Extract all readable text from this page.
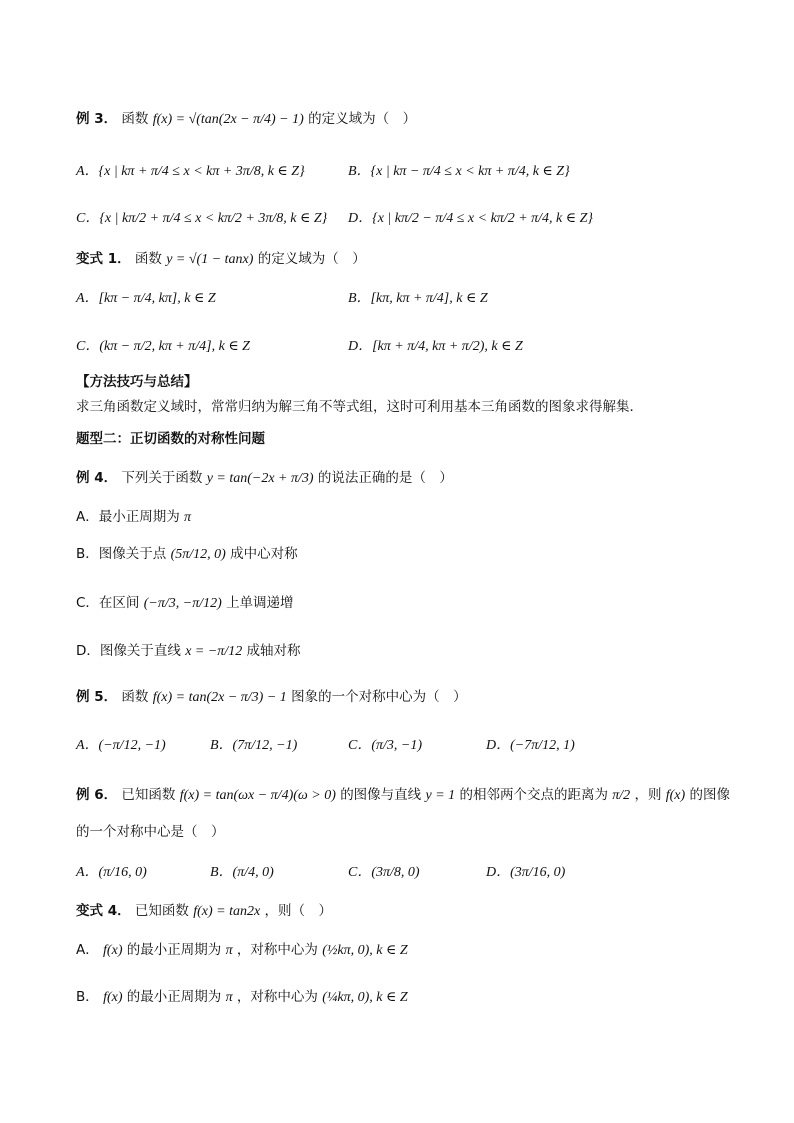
例 3． 函数 f(x) = √(tan(2x − π/4) − 1) 的定义域为（　）
A．{x | kπ + π/4 ≤ x < kπ + 3π/8, k ∈ Z}	B．{x | kπ − π/4 ≤ x < kπ + π/4, k ∈ Z}
C．{x | kπ/2 + π/4 ≤ x < kπ/2 + 3π/8, k ∈ Z} D．{x | kπ/2 − π/4 ≤ x < kπ/2 + π/4, k ∈ Z}
变式 1． 函数 y = √(1 − tanx) 的定义域为（　）
A．[kπ − π/4, kπ], k ∈ Z	B．[kπ, kπ + π/4], k ∈ Z
C．(kπ − π/2, kπ + π/4], k ∈ Z	D．[kπ + π/4, kπ + π/2), k ∈ Z
【方法技巧与总结】
求三角函数定义域时，常常归纳为解三角不等式组，这时可利用基本三角函数的图象求得解集．
题型二：正切函数的对称性问题
例 4． 下列关于函数 y = tan(−2x + π/3) 的说法正确的是（　）
A．最小正周期为 π
B．图像关于点 (5π/12, 0) 成中心对称
C．在区间 (−π/3, −π/12) 上单调递增
D．图像关于直线 x = −π/12 成轴对称
例 5． 函数 f(x) = tan(2x − π/3) − 1 图象的一个对称中心为（　）
A．(−π/12, −1)	B．(7π/12, −1)	C．(π/3, −1)	D．(−7π/12, 1)
例 6． 已知函数 f(x) = tan(ωx − π/4)(ω > 0) 的图像与直线 y = 1 的相邻两个交点的距离为 π/2 ，则 f(x) 的图像
的一个对称中心是（　）
A．(π/16, 0)	B．(π/4, 0)	C．(3π/8, 0)	D．(3π/16, 0)
变式 4． 已知函数 f(x) = tan2x ，则（　）
A． f(x) 的最小正周期为 π ，对称中心为 (½kπ, 0), k ∈ Z
B． f(x) 的最小正周期为 π ，对称中心为 (¼kπ, 0), k ∈ Z
